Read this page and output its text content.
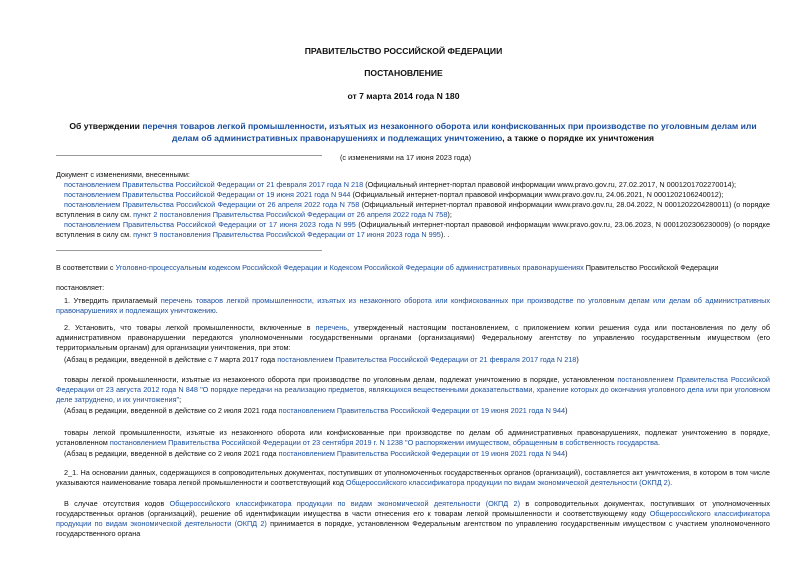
ПРАВИТЕЛЬСТВО РОССИЙСКОЙ ФЕДЕРАЦИИ
ПОСТАНОВЛЕНИЕ
от 7 марта 2014 года N 180
Об утверждении перечня товаров легкой промышленности, изъятых из незаконного оборота или конфискованных при производстве по уголовным делам или делам об административных правонарушениях и подлежащих уничтожению, а также о порядке их уничтожения
(с изменениями на 17 июня 2023 года)
Документ с изменениями, внесенными:
постановлением Правительства Российской Федерации от 21 февраля 2017 года N 218 (Официальный интернет-портал правовой информации www.pravo.gov.ru, 27.02.2017, N 0001201702270014);
постановлением Правительства Российской Федерации от 19 июня 2021 года N 944 (Официальный интернет-портал правовой информации www.pravo.gov.ru, 24.06.2021, N 0001202106240012);
постановлением Правительства Российской Федерации от 26 апреля 2022 года N 758 (Официальный интернет-портал правовой информации www.pravo.gov.ru, 28.04.2022, N 0001202204280011) (о порядке вступления в силу см. пункт 2 постановления Правительства Российской Федерации от 26 апреля 2022 года N 758);
постановлением Правительства Российской Федерации от 17 июня 2023 года N 995 (Официальный интернет-портал правовой информации www.pravo.gov.ru, 23.06.2023, N 0001202306230009) (о порядке вступления в силу см. пункт 9 постановления Правительства Российской Федерации от 17 июня 2023 года N 995). .
В соответствии с Уголовно-процессуальным кодексом Российской Федерации и Кодексом Российской Федерации об административных правонарушениях Правительство Российской Федерации
постановляет:
1. Утвердить прилагаемый перечень товаров легкой промышленности, изъятых из незаконного оборота или конфискованных при производстве по уголовным делам или делам об административных правонарушениях и подлежащих уничтожению.
2. Установить, что товары легкой промышленности, включенные в перечень, утвержденный настоящим постановлением, с приложением копии решения суда или постановления по делу об административном правонарушении передаются уполномоченными государственными органами (организациями) Федеральному агентству по управлению государственным имуществом (его территориальным органам) для организации уничтожения, при этом:
(Абзац в редакции, введенной в действие с 7 марта 2017 года постановлением Правительства Российской Федерации от 21 февраля 2017 года N 218)
товары легкой промышленности, изъятые из незаконного оборота при производстве по уголовным делам, подлежат уничтожению в порядке, установленном постановлением Правительства Российской Федерации от 23 августа 2012 года N 848 "О порядке передачи на реализацию предметов, являющихся вещественными доказательствами, хранение которых до окончания уголовного дела или при уголовном деле затруднено, и их уничтожения";
(Абзац в редакции, введенной в действие со 2 июля 2021 года постановлением Правительства Российской Федерации от 19 июня 2021 года N 944)
товары легкой промышленности, изъятые из незаконного оборота или конфискованные при производстве по делам об административных правонарушениях, подлежат уничтожению в порядке, установленном постановлением Правительства Российской Федерации от 23 сентября 2019 г. N 1238 "О распоряжении имуществом, обращенным в собственность государства.
(Абзац в редакции, введенной в действие со 2 июля 2021 года постановлением Правительства Российской Федерации от 19 июня 2021 года N 944)
2_1. На основании данных, содержащихся в сопроводительных документах, поступивших от уполномоченных государственных органов (организаций), составляется акт уничтожения, в котором в том числе указываются наименование товара легкой промышленности и соответствующий код Общероссийского классификатора продукции по видам экономической деятельности (ОКПД 2).
В случае отсутствия кодов Общероссийского классификатора продукции по видам экономической деятельности (ОКПД 2) в сопроводительных документах, поступивших от уполномоченных государственных органов (организаций), решение об идентификации имущества в части отнесения его к товарам легкой промышленности и соответствующему коду Общероссийского классификатора продукции по видам экономической деятельности (ОКПД 2) принимается в порядке, установленном Федеральным агентством по управлению государственным имуществом с участием уполномоченного государственного органа
